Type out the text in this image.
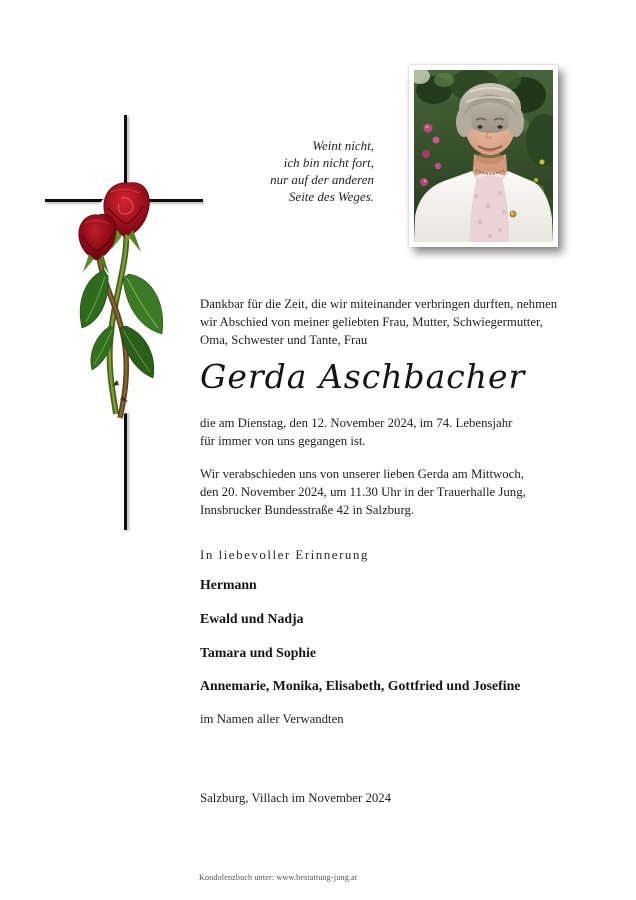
Weint nicht,
ich bin nicht fort,
nur auf der anderen
Seite des Weges.
Dankbar für die Zeit, die wir miteinander verbringen durften, nehmen
wir Abschied von meiner geliebten Frau, Mutter, Schwiegermutter,
Oma, Schwester und Tante, Frau
Gerda Aschbacher
die am Dienstag, den 12. November 2024, im 74. Lebensjahr
für immer von uns gegangen ist.
Wir verabschieden uns von unserer lieben Gerda am Mittwoch,
den 20. November 2024, um 11.30 Uhr in der Trauerhalle Jung,
Innsbrucker Bundesstraße 42 in Salzburg.
In liebevoller Erinnerung
Hermann
Ewald und Nadja
Tamara und Sophie
Annemarie, Monika, Elisabeth, Gottfried und Josefine
im Namen aller Verwandten
Salzburg, Villach im November 2024
Kondolenzbuch unter: www.bestattung-jung.at
